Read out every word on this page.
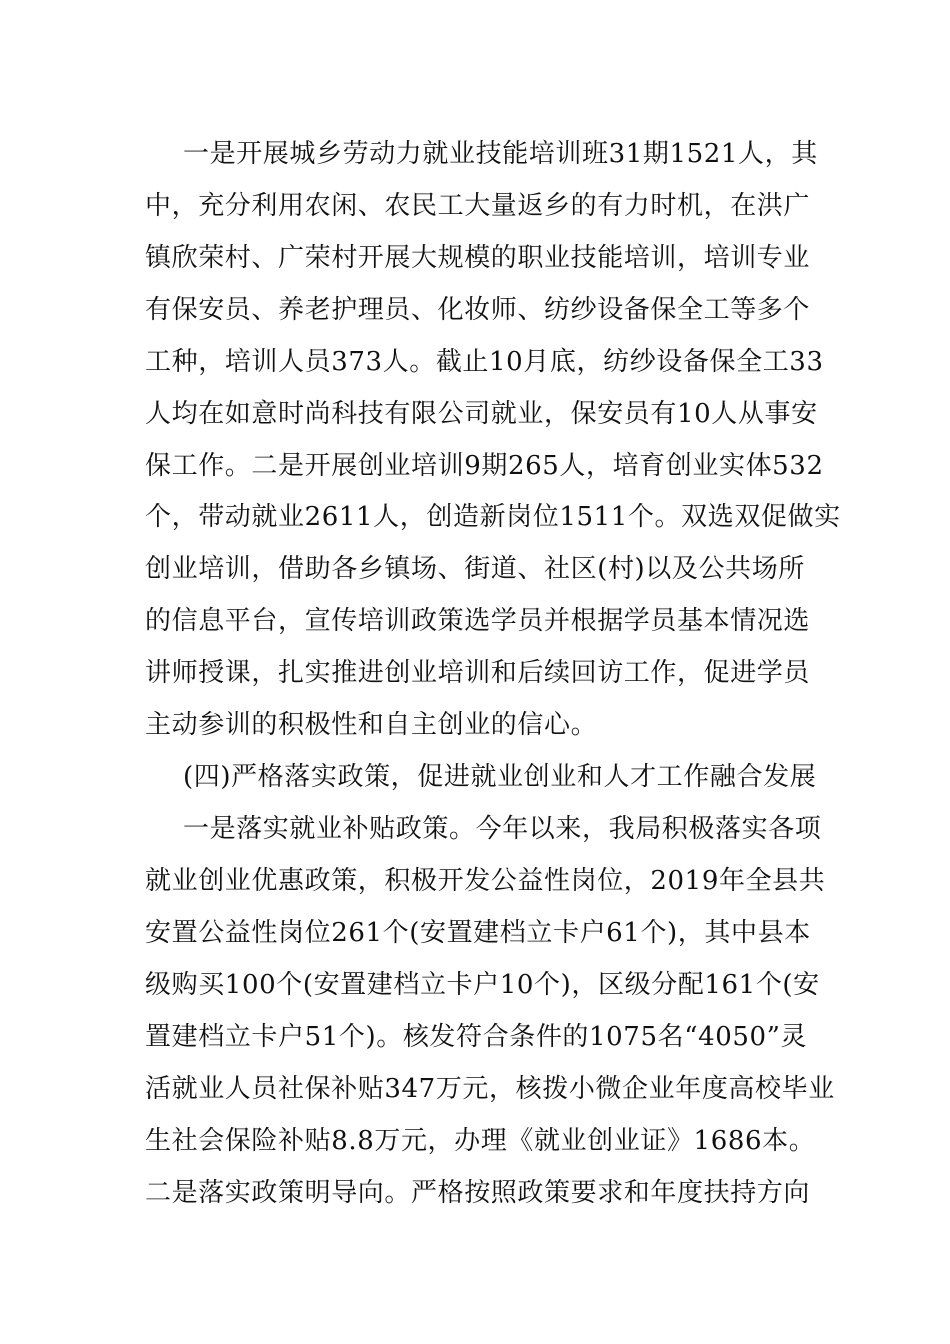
一是开展城乡劳动力就业技能培训班31期1521人，其
中，充分利用农闲、农民工大量返乡的有力时机，在洪广
镇欣荣村、广荣村开展大规模的职业技能培训，培训专业
有保安员、养老护理员、化妆师、纺纱设备保全工等多个
工种，培训人员373人。截止10月底，纺纱设备保全工33
人均在如意时尚科技有限公司就业，保安员有10人从事安
保工作。二是开展创业培训9期265人，培育创业实体532
个，带动就业2611人，创造新岗位1511个。双选双促做实
创业培训，借助各乡镇场、街道、社区(村)以及公共场所
的信息平台，宣传培训政策选学员并根据学员基本情况选
讲师授课，扎实推进创业培训和后续回访工作，促进学员
主动参训的积极性和自主创业的信心。
(四)严格落实政策，促进就业创业和人才工作融合发展
一是落实就业补贴政策。今年以来，我局积极落实各项
就业创业优惠政策，积极开发公益性岗位，2019年全县共
安置公益性岗位261个(安置建档立卡户61个)，其中县本
级购买100个(安置建档立卡户10个)，区级分配161个(安
置建档立卡户51个)。核发符合条件的1075名“4050”灵
活就业人员社保补贴347万元，核拨小微企业年度高校毕业
生社会保险补贴8.8万元，办理《就业创业证》1686本。
二是落实政策明导向。严格按照政策要求和年度扶持方向
